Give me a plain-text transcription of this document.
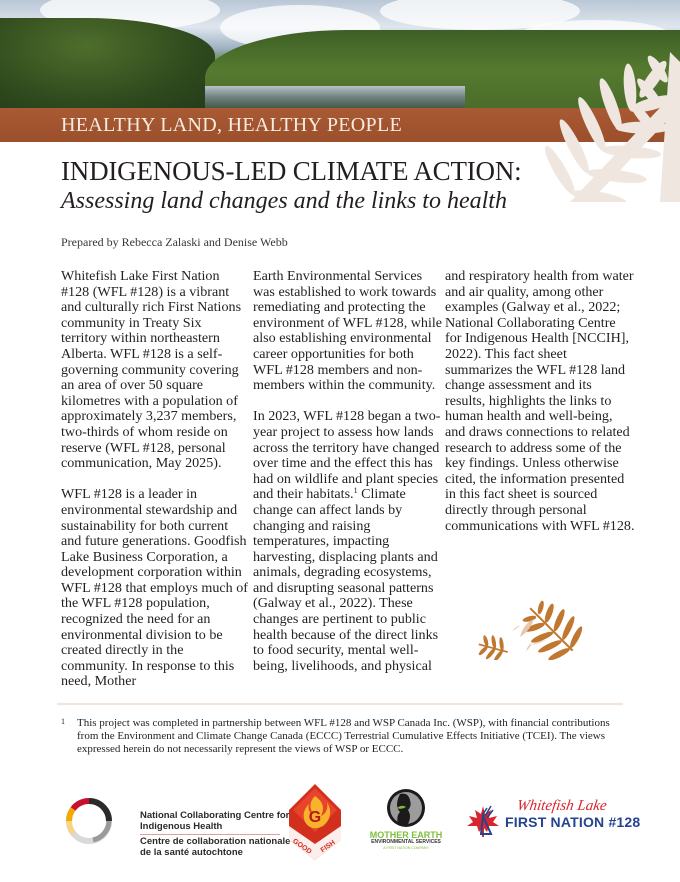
HEALTHY LAND, HEALTHY PEOPLE
INDIGENOUS-LED CLIMATE ACTION:
Assessing land changes and the links to health
Prepared by Rebecca Zalaski and Denise Webb

Whitefish Lake First Nation #128 (WFL #128) is a vibrant and culturally rich First Nations community in Treaty Six territory within northeastern Alberta. WFL #128 is a self-governing community covering an area of over 50 square kilometres with a population of approximately 3,237 members, two-thirds of whom reside on reserve (WFL #128, personal communication, May 2025).

WFL #128 is a leader in environmental stewardship and sustainability for both current and future generations. Goodfish Lake Business Corporation, a development corporation within WFL #128 that employs much of the WFL #128 population, recognized the need for an environmental division to be created directly in the community. In response to this need, Mother

Earth Environmental Services was established to work towards remediating and protecting the environment of WFL #128, while also establishing environmental career opportunities for both WFL #128 members and non-members within the community.

In 2023, WFL #128 began a two-year project to assess how lands across the territory have changed over time and the effect this has had on wildlife and plant species and their habitats.$^1$ Climate change can affect lands by changing and raising temperatures, impacting harvesting, displacing plants and animals, degrading ecosystems, and disrupting seasonal patterns (Galway et al., 2022). These changes are pertinent to public health because of the direct links to food security, mental well-being, livelihoods, and physical

and respiratory health from water and air quality, among other examples (Galway et al., 2022; National Collaborating Centre for Indigenous Health [NCCIH], 2022). This fact sheet summarizes the WFL #128 land change assessment and its results, highlights the links to human health and well-being, and draws connections to related research to address some of the key findings. Unless otherwise cited, the information presented in this fact sheet is sourced directly through personal communications with WFL #128.

1	This project was completed in partnership between WFL #128 and WSP Canada Inc. (WSP), with financial contributions from the Environment and Climate Change Canada (ECCC) Terrestrial Cumulative Effects Initiative (TCEI). The views expressed herein do not necessarily represent the views of WSP or ECCC.
National Collaborating Centre for Indigenous Health
Centre de collaboration nationale de la santé autochtone
G
GOOD FISH
MOTHER EARTH
ENVIRONMENTAL SERVICES
A FIRST NATION COMPANY
Whitefish Lake
FIRST NATION #128
